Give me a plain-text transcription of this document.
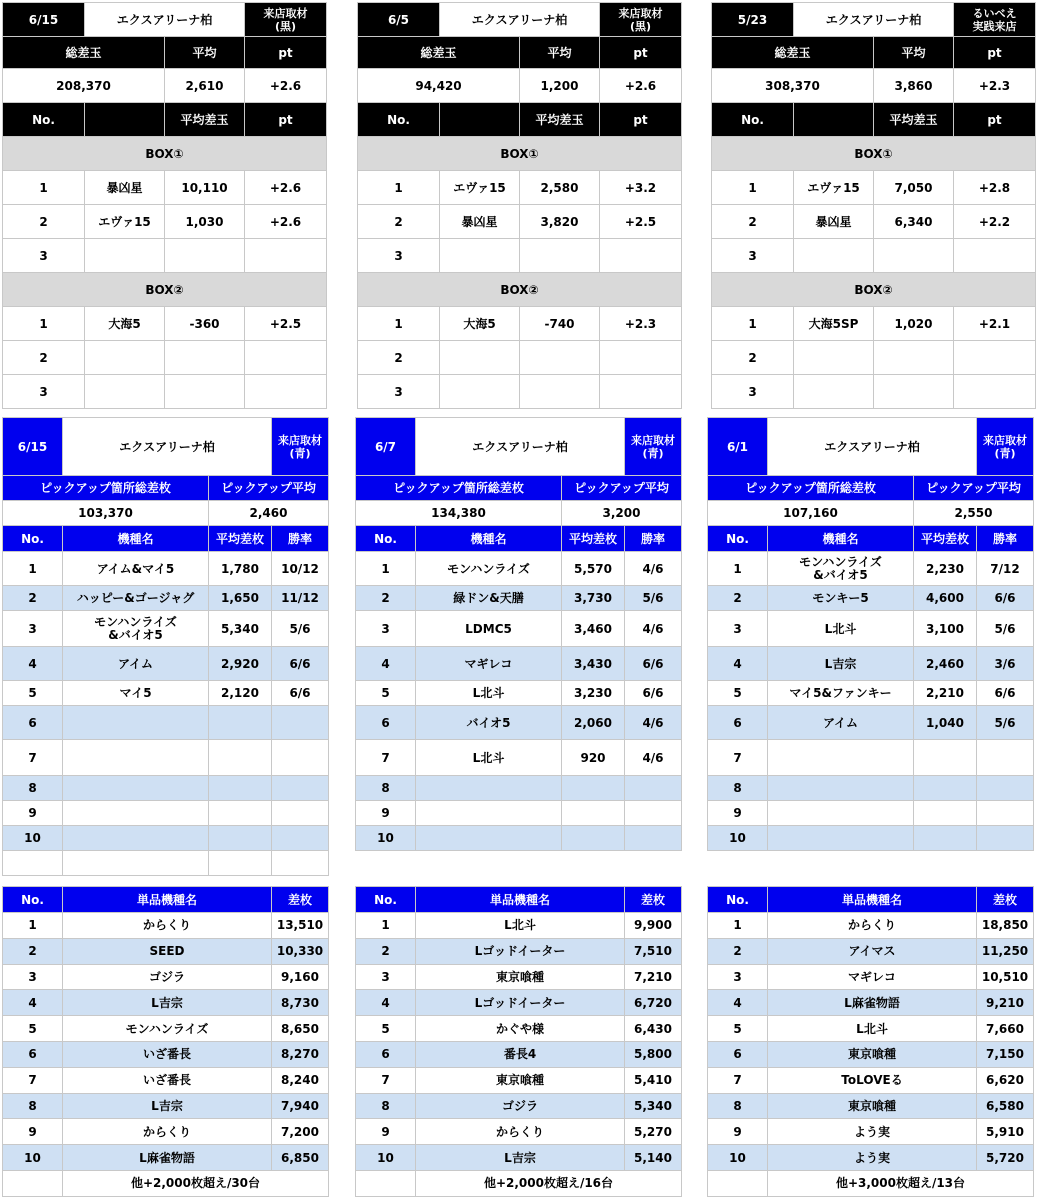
6/15	エクスアリーナ柏		来店取材
(黒)
総差玉		平均	pt
208,370		2,610	+2.6
No.		平均差玉	pt
BOX①			
1	暴凶星	10,110	+2.6
2	エヴァ15	1,030	+2.6
3			
BOX②			
1	大海5	-360	+2.5
2			
3			
6/5	エクスアリーナ柏		来店取材
(黒)
総差玉		平均	pt
94,420		1,200	+2.6
No.		平均差玉	pt
BOX①			
1	エヴァ15	2,580	+3.2
2	暴凶星	3,820	+2.5
3			
BOX②			
1	大海5	-740	+2.3
2			
3			
5/23	エクスアリーナ柏		るいべえ
実践来店
総差玉		平均	pt
308,370		3,860	+2.3
No.		平均差玉	pt
BOX①			
1	エヴァ15	7,050	+2.8
2	暴凶星	6,340	+2.2
3			
BOX②			
1	大海5SP	1,020	+2.1
2			
3			
6/15	エクスアリーナ柏		来店取材
(青)
ピックアップ箇所総差枚		ピックアップ平均	
103,370		2,460	
No.	機種名	平均差枚	勝率
1	アイム&マイ5	1,780	10/12
2	ハッピー&ゴージャグ	1,650	11/12
3	モンハンライズ
&バイオ5	5,340	5/6
4	アイム	2,920	6/6
5	マイ5	2,120	6/6
6			
7			
8			
9			
10			

6/7	エクスアリーナ柏		来店取材
(青)
ピックアップ箇所総差枚		ピックアップ平均	
134,380		3,200	
No.	機種名	平均差枚	勝率
1	モンハンライズ	5,570	4/6
2	緑ドン&天膳	3,730	5/6
3	LDMC5	3,460	4/6
4	マギレコ	3,430	6/6
5	L北斗	3,230	6/6
6	バイオ5	2,060	4/6
7	L北斗	920	4/6
8			
9			
10			

6/1	エクスアリーナ柏		来店取材
(青)
ピックアップ箇所総差枚		ピックアップ平均	
107,160		2,550	
No.	機種名	平均差枚	勝率
1	モンハンライズ
&バイオ5	2,230	7/12
2	モンキー5	4,600	6/6
3	L北斗	3,100	5/6
4	L吉宗	2,460	3/6
5	マイ5&ファンキー	2,210	6/6
6	アイム	1,040	5/6
7			
8			
9			
10			

No.	単品機種名	差枚
1	からくり	13,510
2	SEED	10,330
3	ゴジラ	9,160
4	L吉宗	8,730
5	モンハンライズ	8,650
6	いざ番長	8,270
7	いざ番長	8,240
8	L吉宗	7,940
9	からくり	7,200
10	L麻雀物語	6,850
	他+2,000枚超え/30台	
No.	単品機種名	差枚
1	L北斗	9,900
2	Lゴッドイーター	7,510
3	東京喰種	7,210
4	Lゴッドイーター	6,720
5	かぐや様	6,430
6	番長4	5,800
7	東京喰種	5,410
8	ゴジラ	5,340
9	からくり	5,270
10	L吉宗	5,140
	他+2,000枚超え/16台	
No.	単品機種名	差枚
1	からくり	18,850
2	アイマス	11,250
3	マギレコ	10,510
4	L麻雀物語	9,210
5	L北斗	7,660
6	東京喰種	7,150
7	ToLOVEる	6,620
8	東京喰種	6,580
9	よう実	5,910
10	よう実	5,720
	他+3,000枚超え/13台	
